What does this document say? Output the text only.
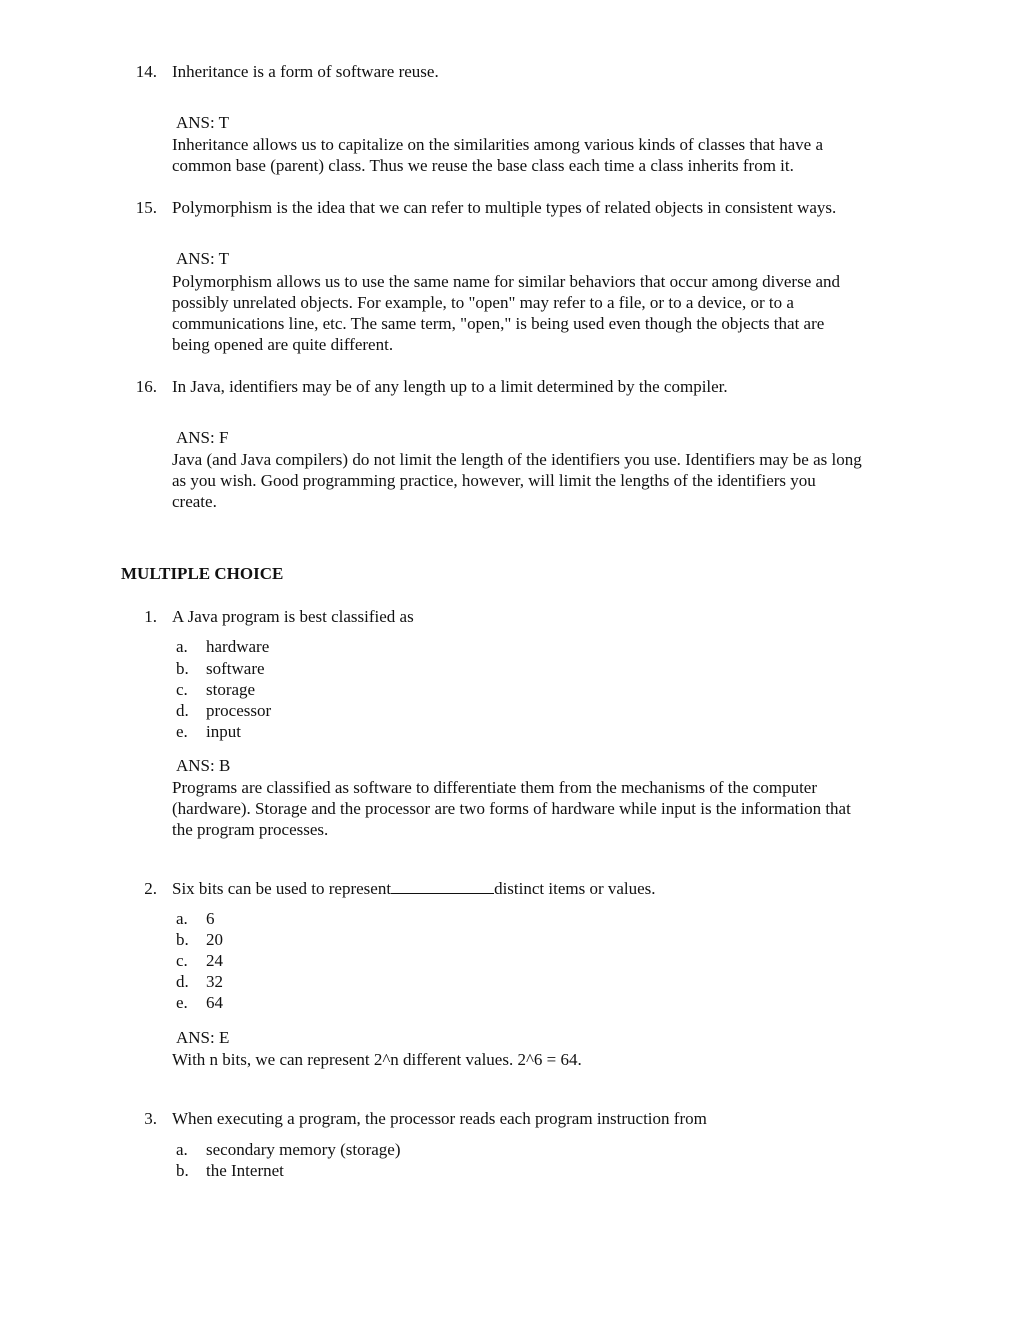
14. Inheritance is a form of software reuse.
ANS: T
Inheritance allows us to capitalize on the similarities among various kinds of classes that have a
common base (parent) class. Thus we reuse the base class each time a class inherits from it.
15. Polymorphism is the idea that we can refer to multiple types of related objects in consistent ways.
ANS: T
Polymorphism allows us to use the same name for similar behaviors that occur among diverse and
possibly unrelated objects. For example, to "open" may refer to a file, or to a device, or to a
communications line, etc. The same term, "open," is being used even though the objects that are
being opened are quite different.
16. In Java, identifiers may be of any length up to a limit determined by the compiler.
ANS: F
Java (and Java compilers) do not limit the length of the identifiers you use. Identifiers may be as long
as you wish. Good programming practice, however, will limit the lengths of the identifiers you
create.
MULTIPLE CHOICE
1. A Java program is best classified as
a. hardware
b. software
c. storage
d. processor
e. input
ANS: B
Programs are classified as software to differentiate them from the mechanisms of the computer
(hardware). Storage and the processor are two forms of hardware while input is the information that
the program processes.
2. Six bits can be used to represent	distinct items or values.
a. 6
b. 20
c. 24
d. 32
e. 64
ANS: E
With n bits, we can represent 2^n different values. 2^6 = 64.
3. When executing a program, the processor reads each program instruction from
a. secondary memory (storage)
b. the Internet
